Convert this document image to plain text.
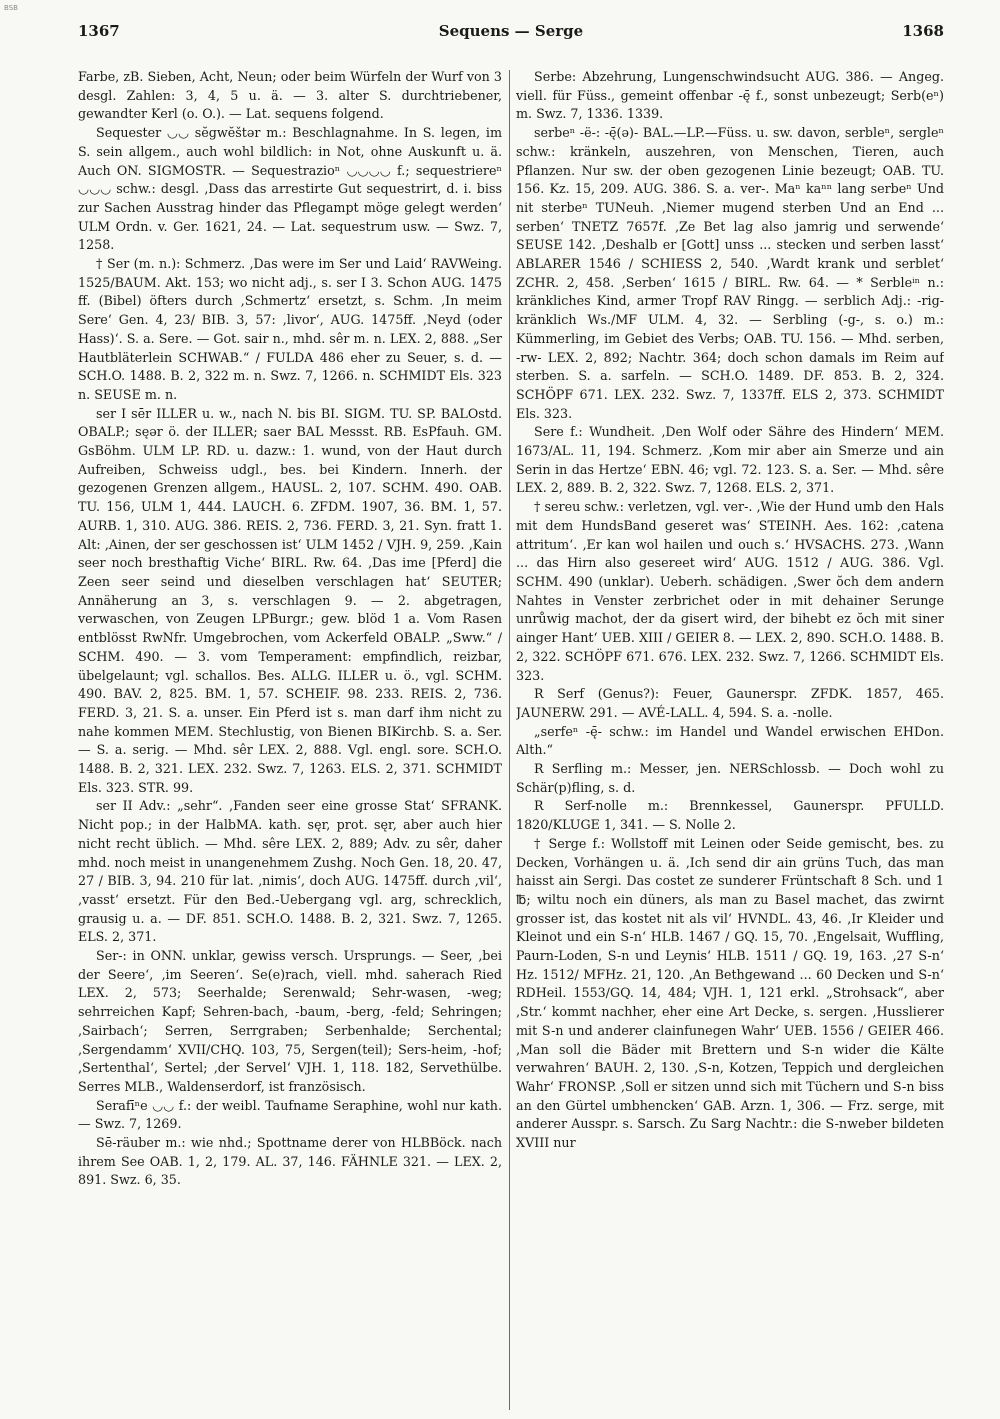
BSB
1367	Sequens — Serge	1368

Farbe, zB. Sieben, Acht, Neun; oder beim Würfeln der Wurf von 3 desgl. Zahlen: 3, 4, 5 u. ä. — 3. alter S. durchtriebener, gewandter Kerl (o. O.). — Lat. sequens folgend.

Sequester ◡◡ sĕgwĕštər m.: Beschlagnahme. In S. legen, im S. sein allgem., auch wohl bildlich: in Not, ohne Auskunft u. ä. Auch ON. SIGMOSTR. — Sequestrazioⁿ ◡◡◡◡ f.; sequestriereⁿ ◡◡◡ schw.: desgl. ‚Dass das arrestirte Gut sequestrirt, d. i. biss zur Sachen Ausstrag hinder das Pflegampt möge gelegt werden‘ ULM Ordn. v. Ger. 1621, 24. — Lat. sequestrum usw. — Swz. 7, 1258.

† Ser (m. n.): Schmerz. ‚Das were im Ser und Laid‘ RAVWeing. 1525/BAUM. Akt. 153; wo nicht adj., s. ser I 3. Schon AUG. 1475 ff. (Bibel) öfters durch ‚Schmertz‘ ersetzt, s. Schm. ‚In meim Sere‘ Gen. 4, 23/ BIB. 3, 57: ‚livor‘, AUG. 1475ff. ‚Neyd (oder Hass)‘. S. a. Sere. — Got. sair n., mhd. sêr m. n. LEX. 2, 888. „Ser Hautbläterlein SCHWAB.“ / FULDA 486 eher zu Seuer, s. d. — SCH.O. 1488. B. 2, 322 m. n. Swz. 7, 1266. n. SCHMIDT Els. 323 n. SEUSE m. n.

ser I sēr ILLER u. w., nach N. bis BI. SIGM. TU. SP. BALOstd. OBALP.; sęər ö. der ILLER; saer BAL Messst. RB. EsPfauh. GM. GsBöhm. ULM LP. RD. u. dazw.: 1. wund, von der Haut durch Aufreiben, Schweiss udgl., bes. bei Kindern. Innerh. der gezogenen Grenzen allgem., HAUSL. 2, 107. SCHM. 490. OAB. TU. 156, ULM 1, 444. LAUCH. 6. ZFDM. 1907, 36. BM. 1, 57. AURB. 1, 310. AUG. 386. REIS. 2, 736. FERD. 3, 21. Syn. fratt 1. Alt: ‚Ainen, der ser geschossen ist‘ ULM 1452 / VJH. 9, 259. ‚Kain seer noch bresthaftig Viche‘ BIRL. Rw. 64. ‚Das ime [Pferd] die Zeen seer seind und dieselben verschlagen hat‘ SEUTER; Annäherung an 3, s. verschlagen 9. — 2. abgetragen, verwaschen, von Zeugen LPBurgr.; gew. blöd 1 a. Vom Rasen entblösst RwNfr. Umgebrochen, vom Ackerfeld OBALP. „Sww.“ / SCHM. 490. — 3. vom Temperament: empfindlich, reizbar, übelgelaunt; vgl. schallos. Bes. ALLG. ILLER u. ö., vgl. SCHM. 490. BAV. 2, 825. BM. 1, 57. SCHEIF. 98. 233. REIS. 2, 736. FERD. 3, 21. S. a. unser. Ein Pferd ist s. man darf ihm nicht zu nahe kommen MEM. Stechlustig, von Bienen BIKirchb. S. a. Ser. — S. a. serig. — Mhd. sêr LEX. 2, 888. Vgl. engl. sore. SCH.O. 1488. B. 2, 321. LEX. 232. Swz. 7, 1263. ELS. 2, 371. SCHMIDT Els. 323. STR. 99.

ser II Adv.: „sehr“. ‚Fanden seer eine grosse Stat‘ SFRANK. Nicht pop.; in der HalbMA. kath. sęr, prot. sęr, aber auch hier nicht recht üblich. — Mhd. sêre LEX. 2, 889; Adv. zu sêr, daher mhd. noch meist in unangenehmem Zushg. Noch Gen. 18, 20. 47, 27 / BIB. 3, 94. 210 für lat. ‚nimis‘, doch AUG. 1475ff. durch ‚vil‘, ‚vasst‘ ersetzt. Für den Bed.-Uebergang vgl. arg, schrecklich, grausig u. a. — DF. 851. SCH.O. 1488. B. 2, 321. Swz. 7, 1265. ELS. 2, 371.

Ser-: in ONN. unklar, gewiss versch. Ursprungs. — Seer, ‚bei der Seere‘, ‚im Seeren‘. Se(e)rach, viell. mhd. saherach Ried LEX. 2, 573; Seerhalde; Serenwald; Sehr-wasen, -weg; sehrreichen Kapf; Sehren-bach, -baum, -berg, -feld; Sehringen; ‚Sairbach‘; Serren, Serrgraben; Serbenhalde; Serchental; ‚Sergendamm‘ XVII/CHQ. 103, 75, Sergen(teil); Sers-heim, -hof; ‚Sertenthal‘, Sertel; ‚der Servel‘ VJH. 1, 118. 182, Servethülbe. Serres MLB., Waldenserdorf, ist französisch.

Serafīⁿe ◡◡ f.: der weibl. Taufname Seraphine, wohl nur kath. — Swz. 7, 1269.

Sē-räuber m.: wie nhd.; Spottname derer von HLBBöck. nach ihrem See OAB. 1, 2, 179. AL. 37, 146. FÄHNLE 321. — LEX. 2, 891. Swz. 6, 35.

Serbe: Abzehrung, Lungenschwindsucht AUG. 386. — Angeg. viell. für Füss., gemeint offenbar -ę̄ f., sonst unbezeugt; Serb(eⁿ) m. Swz. 7, 1336. 1339.

serbeⁿ -ë-: -ę̄(ə)- BAL.—LP.—Füss. u. sw. davon, serbleⁿ, sergleⁿ schw.: kränkeln, auszehren, von Menschen, Tieren, auch Pflanzen. Nur sw. der oben gezogenen Linie bezeugt; OAB. TU. 156. Kz. 15, 209. AUG. 386. S. a. ver-. Maⁿ kaⁿⁿ lang serbeⁿ Und nit sterbeⁿ TUNeuh. ‚Niemer mugend sterben Und an End ... serben‘ TNETZ 7657f. ‚Ze Bet lag also jamrig und serwende‘ SEUSE 142. ‚Deshalb er [Gott] unss ... stecken und serben lasst‘ ABLARER 1546 / SCHIESS 2, 540. ‚Wardt krank und serblet‘ ZCHR. 2, 458. ‚Serben‘ 1615 / BIRL. Rw. 64. — * Serbleⁱⁿ n.: kränkliches Kind, armer Tropf RAV Ringg. — serblich Adj.: -rig- kränklich Ws./MF ULM. 4, 32. — Serbling (-g-, s. o.) m.: Kümmerling, im Gebiet des Verbs; OAB. TU. 156. — Mhd. serben, -rw- LEX. 2, 892; Nachtr. 364; doch schon damals im Reim auf sterben. S. a. sarfeln. — SCH.O. 1489. DF. 853. B. 2, 324. SCHÖPF 671. LEX. 232. Swz. 7, 1337ff. ELS 2, 373. SCHMIDT Els. 323.

Sere f.: Wundheit. ‚Den Wolf oder Sähre des Hindern‘ MEM. 1673/AL. 11, 194. Schmerz. ‚Kom mir aber ain Smerze und ain Serin in das Hertze‘ EBN. 46; vgl. 72. 123. S. a. Ser. — Mhd. sêre LEX. 2, 889. B. 2, 322. Swz. 7, 1268. ELS. 2, 371.

† sereu schw.: verletzen, vgl. ver-. ‚Wie der Hund umb den Hals mit dem HundsBand geseret was‘ STEINH. Aes. 162: ‚catena attritum‘. ‚Er kan wol hailen und ouch s.‘ HVSACHS. 273. ‚Wann ... das Hirn also gesereet wird‘ AUG. 1512 / AUG. 386. Vgl. SCHM. 490 (unklar). Ueberh. schädigen. ‚Swer ŏch dem andern Nahtes in Venster zerbrichet oder in mit dehainer Serunge unrůwig machot, der da gisert wird, der bihebt ez ŏch mit siner ainger Hant‘ UEB. XIII / GEIER 8. — LEX. 2, 890. SCH.O. 1488. B. 2, 322. SCHÖPF 671. 676. LEX. 232. Swz. 7, 1266. SCHMIDT Els. 323.

R Serf (Genus?): Feuer, Gaunerspr. ZFDK. 1857, 465. JAUNERW. 291. — AVÉ-LALL. 4, 594. S. a. -nolle.

„serfeⁿ -ę̄- schw.: im Handel und Wandel erwischen EHDon. Alth.“

R Serfling m.: Messer, jen. NERSchlossb. — Doch wohl zu Schär(p)fling, s. d.

R Serf-nolle m.: Brennkessel, Gaunerspr. PFULLD. 1820/KLUGE 1, 341. — S. Nolle 2.

† Serge f.: Wollstoff mit Leinen oder Seide gemischt, bes. zu Decken, Vorhängen u. ä. ‚Ich send dir ain grüns Tuch, das man haisst ain Sergi. Das costet ze sunderer Früntschaft 8 Sch. und 1 ℔; wiltu noch ein düners, als man zu Basel machet, das zwirnt grosser ist, das kostet nit als vil‘ HVNDL. 43, 46. ‚Ir Kleider und Kleinot und ein S-n‘ HLB. 1467 / GQ. 15, 70. ‚Engelsait, Wuffling, Paurn-Loden, S-n und Leynis‘ HLB. 1511 / GQ. 19, 163. ‚27 S-n‘ Hz. 1512/ MFHz. 21, 120. ‚An Bethgewand ... 60 Decken und S-n‘ RDHeil. 1553/GQ. 14, 484; VJH. 1, 121 erkl. „Strohsack“, aber ‚Str.‘ kommt nachher, eher eine Art Decke, s. sergen. ‚Husslierer mit S-n und anderer clainfunegen Wahr‘ UEB. 1556 / GEIER 466. ‚Man soll die Bäder mit Brettern und S-n wider die Kälte verwahren‘ BAUH. 2, 130. ‚S-n, Kotzen, Teppich und dergleichen Wahr‘ FRONSP. ‚Soll er sitzen unnd sich mit Tüchern und S-n biss an den Gürtel umbhencken‘ GAB. Arzn. 1, 306. — Frz. serge, mit anderer Ausspr. s. Sarsch. Zu Sarg Nachtr.: die S-nweber bildeten XVIII nur
